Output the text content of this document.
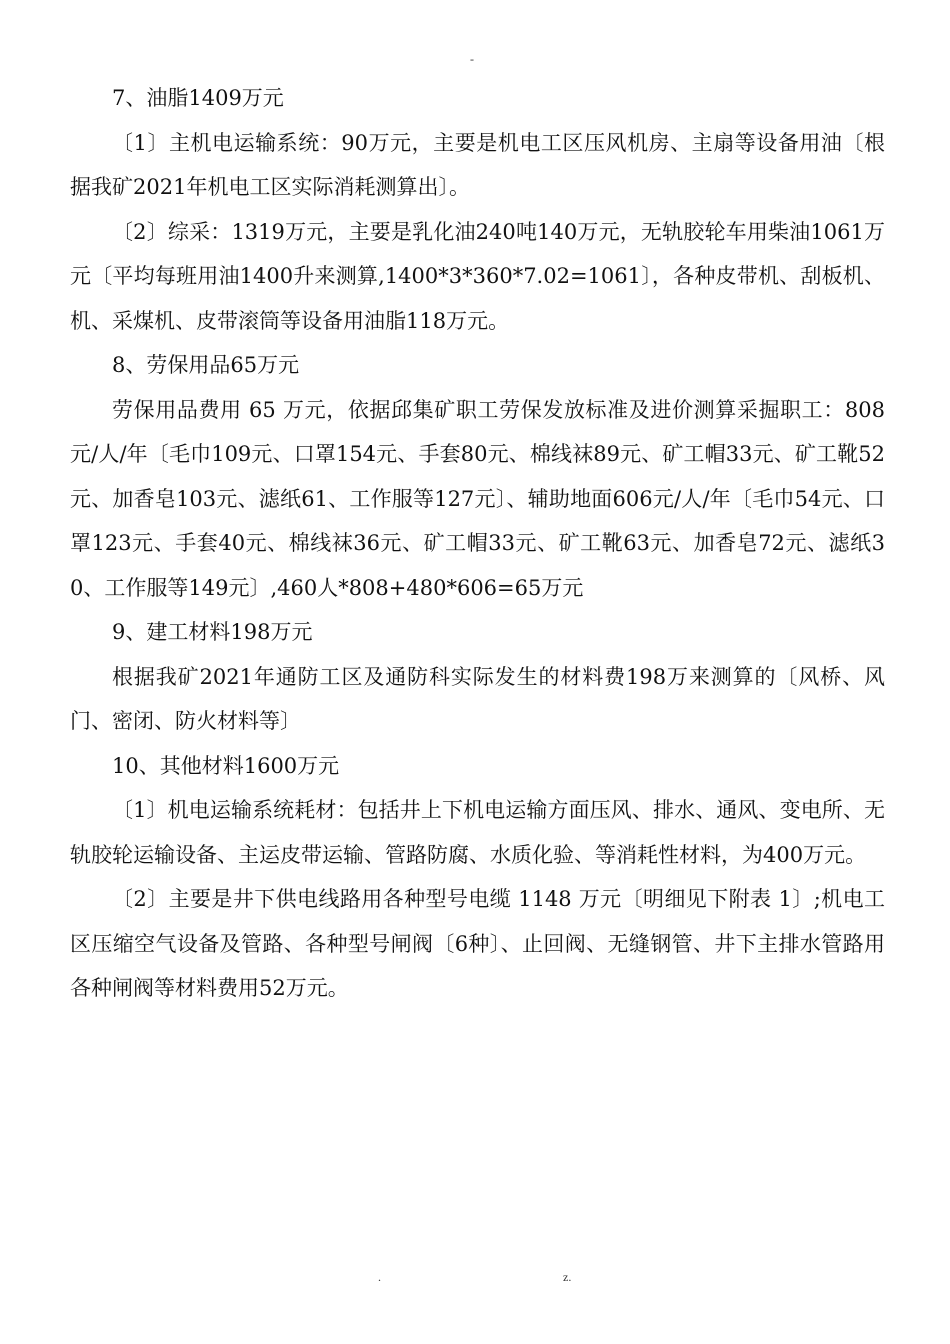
-

7、油脂1409万元

〔1〕主机电运输系统：90万元，主要是机电工区压风机房、主扇等设备用油〔根据我矿2021年机电工区实际消耗测算出〕。

〔2〕综采：1319万元，主要是乳化油240吨140万元，无轨胶轮车用柴油1061万元〔平均每班用油1400升来测算,1400*3*360*7.02=1061〕，各种皮带机、刮板机、机、采煤机、皮带滚筒等设备用油脂118万元。

8、劳保用品65万元

劳保用品费用 65 万元，依据邱集矿职工劳保发放标准及进价测算采掘职工：808元/人/年〔毛巾109元、口罩154元、手套80元、棉线袜89元、矿工帽33元、矿工靴52元、加香皂103元、滤纸61、工作服等127元〕、辅助地面606元/人/年〔毛巾54元、口罩123元、手套40元、棉线袜36元、矿工帽33元、矿工靴63元、加香皂72元、滤纸30、工作服等149元〕,460人*808+480*606=65万元

9、建工材料198万元

根据我矿2021年通防工区及通防科实际发生的材料费198万来测算的〔风桥、风门、密闭、防火材料等〕

10、其他材料1600万元

〔1〕机电运输系统耗材：包括井上下机电运输方面压风、排水、通风、变电所、无轨胶轮运输设备、主运皮带运输、管路防腐、水质化验、等消耗性材料，为400万元。

〔2〕主要是井下供电线路用各种型号电缆 1148 万元〔明细见下附表 1〕;机电工区压缩空气设备及管路、各种型号闸阀〔6种〕、止回阀、无缝钢管、井下主排水管路用各种闸阀等材料费用52万元。

.	z.
